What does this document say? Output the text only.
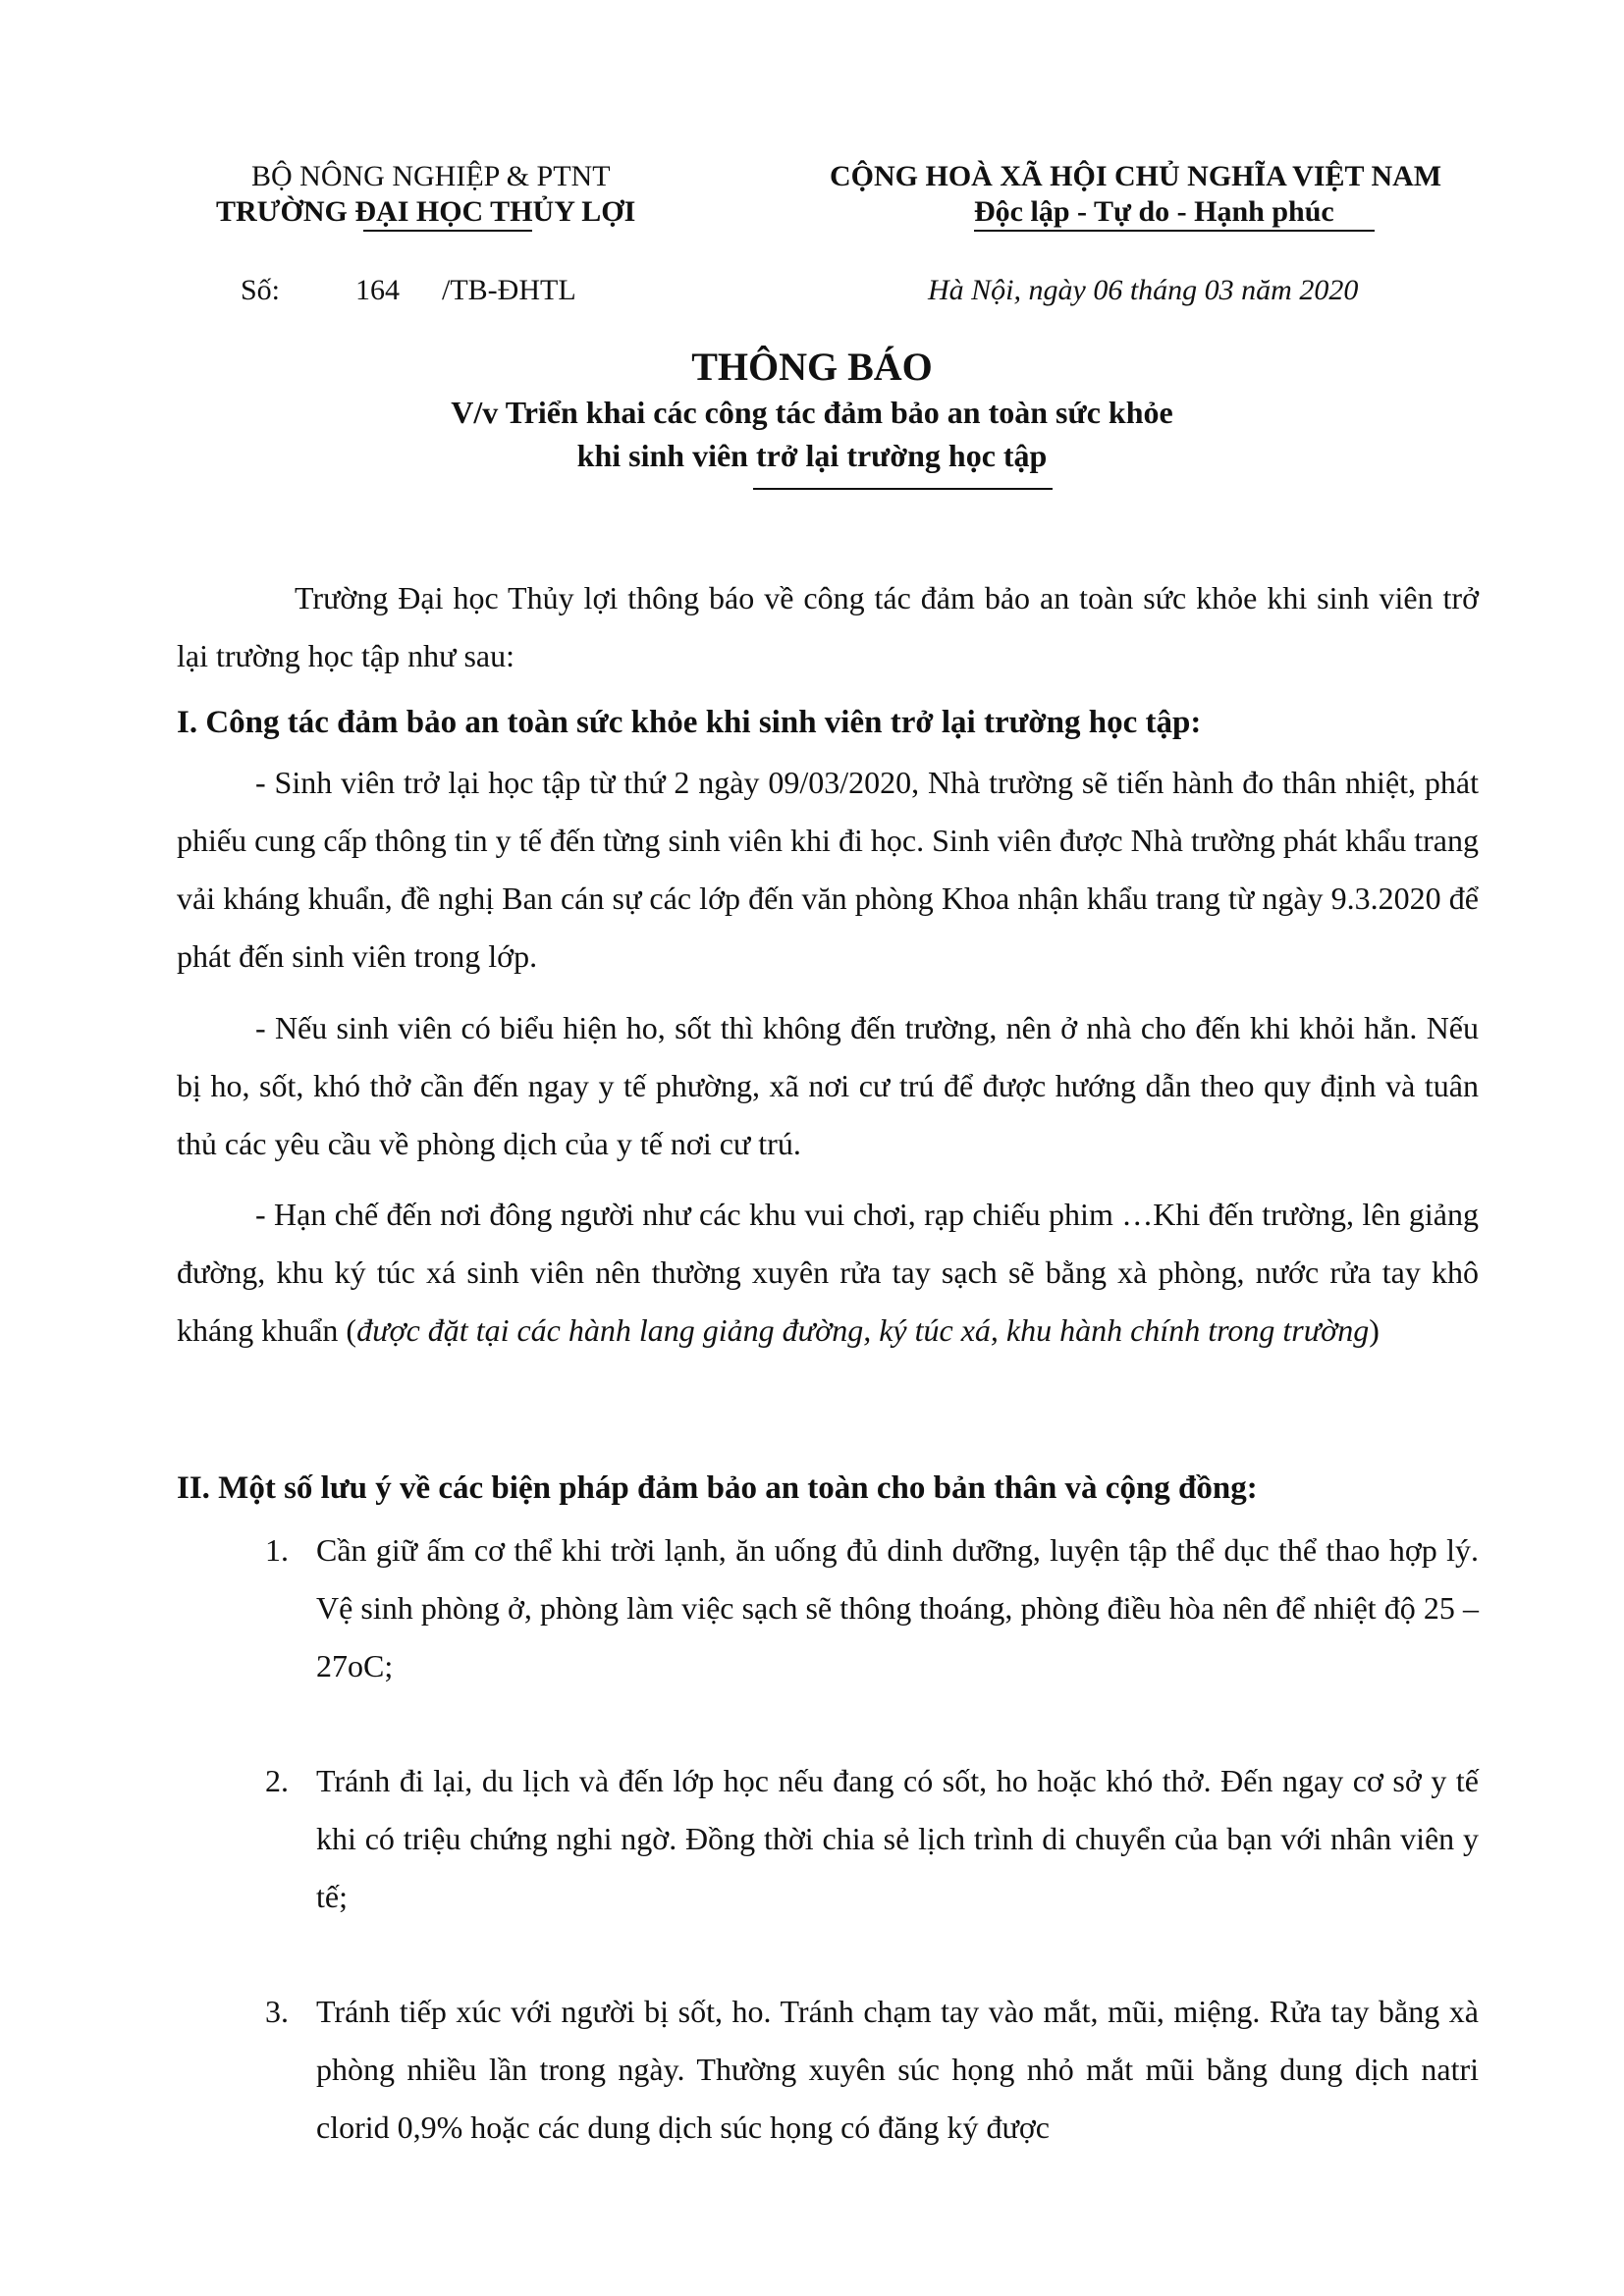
BỘ NÔNG NGHIỆP & PTNT
TRƯỜNG ĐẠI HỌC THỦY LỢI
CỘNG HOÀ XÃ HỘI CHỦ NGHĨA VIỆT NAM
Độc lập - Tự do - Hạnh phúc
Số:	164 /TB-ĐHTL	Hà Nội, ngày 06 tháng 03 năm 2020
THÔNG BÁO
V/v Triển khai các công tác đảm bảo an toàn sức khỏe
khi sinh viên trở lại trường học tập
Trường Đại học Thủy lợi thông báo về công tác đảm bảo an toàn sức khỏe khi sinh viên trở lại trường học tập như sau:
I. Công tác đảm bảo an toàn sức khỏe khi sinh viên trở lại trường học tập:
- Sinh viên trở lại học tập từ thứ 2 ngày 09/03/2020, Nhà trường sẽ tiến hành đo thân nhiệt, phát phiếu cung cấp thông tin y tế đến từng sinh viên khi đi học. Sinh viên được Nhà trường phát khẩu trang vải kháng khuẩn, đề nghị Ban cán sự các lớp đến văn phòng Khoa nhận khẩu trang từ ngày 9.3.2020 để phát đến sinh viên trong lớp.
- Nếu sinh viên có biểu hiện ho, sốt thì không đến trường, nên ở nhà cho đến khi khỏi hẳn. Nếu bị ho, sốt, khó thở cần đến ngay y tế phường, xã nơi cư trú để được hướng dẫn theo quy định và tuân thủ các yêu cầu về phòng dịch của y tế nơi cư trú.
- Hạn chế đến nơi đông người như các khu vui chơi, rạp chiếu phim …Khi đến trường, lên giảng đường, khu ký túc xá sinh viên nên thường xuyên rửa tay sạch sẽ bằng xà phòng, nước rửa tay khô kháng khuẩn (được đặt tại các hành lang giảng đường, ký túc xá, khu hành chính trong trường)
II. Một số lưu ý về các biện pháp đảm bảo an toàn cho bản thân và cộng đồng:
1. Cần giữ ấm cơ thể khi trời lạnh, ăn uống đủ dinh dưỡng, luyện tập thể dục thể thao hợp lý. Vệ sinh phòng ở, phòng làm việc sạch sẽ thông thoáng, phòng điều hòa nên để nhiệt độ 25 – 27oC;
2. Tránh đi lại, du lịch và đến lớp học nếu đang có sốt, ho hoặc khó thở. Đến ngay cơ sở y tế khi có triệu chứng nghi ngờ. Đồng thời chia sẻ lịch trình di chuyển của bạn với nhân viên y tế;
3. Tránh tiếp xúc với người bị sốt, ho. Tránh chạm tay vào mắt, mũi, miệng. Rửa tay bằng xà phòng nhiều lần trong ngày. Thường xuyên súc họng nhỏ mắt mũi bằng dung dịch natri clorid 0,9% hoặc các dung dịch súc họng có đăng ký được
